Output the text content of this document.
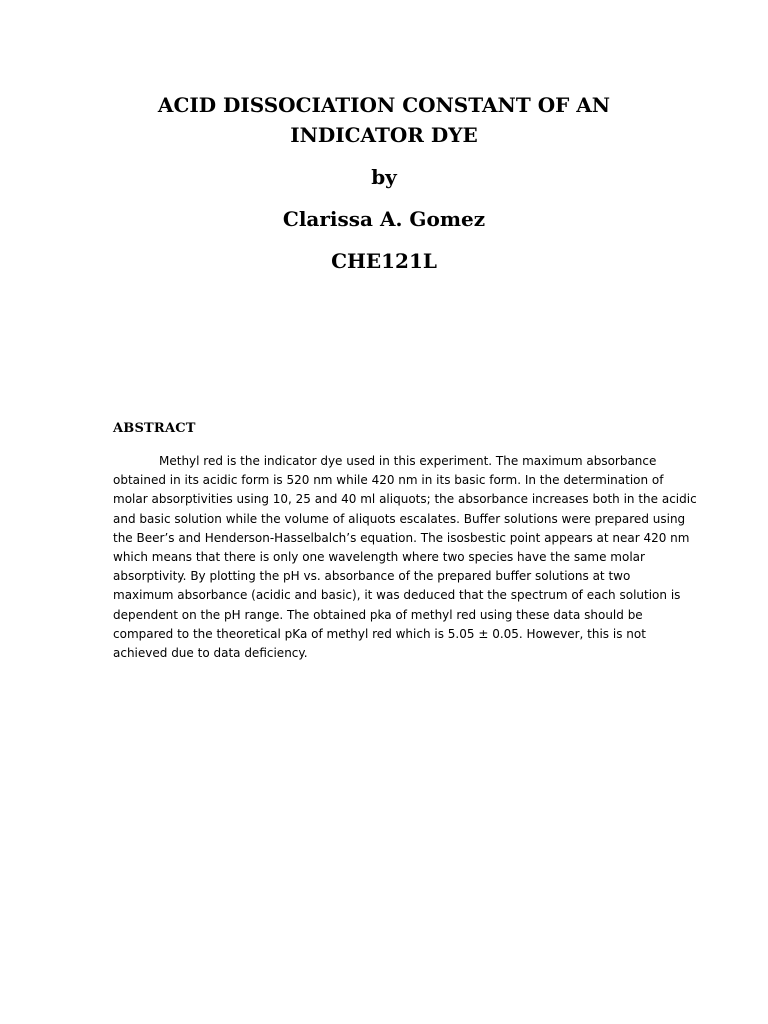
ACID DISSOCIATION CONSTANT OF AN
INDICATOR DYE
by
Clarissa A. Gomez
CHE121L
ABSTRACT
Methyl red is the indicator dye used in this experiment. The maximum absorbance
obtained in its acidic form is 520 nm while 420 nm in its basic form. In the determination of
molar absorptivities using 10, 25 and 40 ml aliquots; the absorbance increases both in the acidic
and basic solution while the volume of aliquots escalates. Buffer solutions were prepared using
the Beer’s and Henderson-Hasselbalch’s equation. The isosbestic point appears at near 420 nm
which means that there is only one wavelength where two species have the same molar
absorptivity. By plotting the pH vs. absorbance of the prepared buffer solutions at two
maximum absorbance (acidic and basic), it was deduced that the spectrum of each solution is
dependent on the pH range. The obtained pka of methyl red using these data should be
compared to the theoretical pKa of methyl red which is 5.05 ± 0.05. However, this is not
achieved due to data deficiency.
